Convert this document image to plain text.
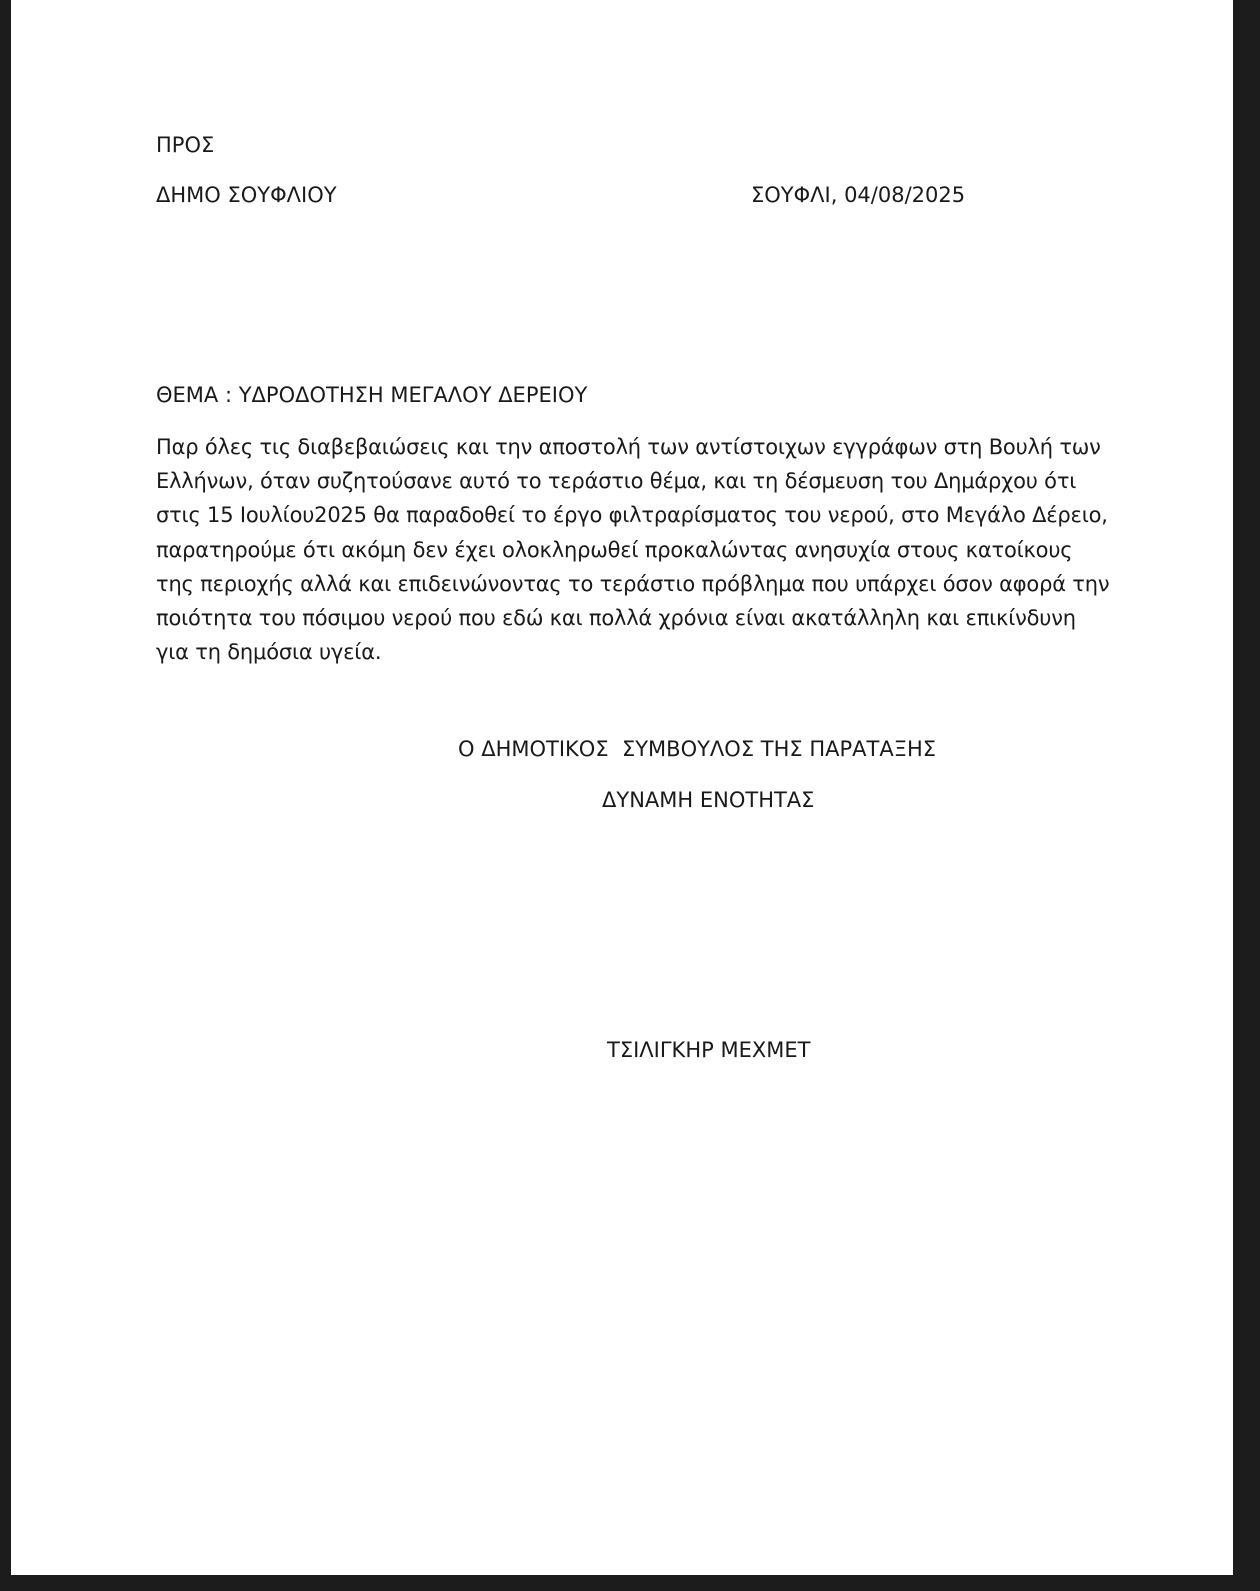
ΠΡΟΣ
ΔΗΜΟ ΣΟΥΦΛΙΟΥ	ΣΟΥΦΛΙ, 04/08/2025
ΘΕΜΑ : ΥΔΡΟΔΟΤΗΣΗ ΜΕΓΑΛΟΥ ΔΕΡΕΙΟΥ
Παρ όλες τις διαβεβαιώσεις και την αποστολή των αντίστοιχων εγγράφων στη Βουλή των
Ελλήνων, όταν συζητούσανε αυτό το τεράστιο θέμα, και τη δέσμευση του Δημάρχου ότι
στις 15 Ιουλίου2025 θα παραδοθεί το έργο φιλτραρίσματος του νερού, στο Μεγάλο Δέρειο,
παρατηρούμε ότι ακόμη δεν έχει ολοκληρωθεί προκαλώντας ανησυχία στους κατοίκους
της περιοχής αλλά και επιδεινώνοντας το τεράστιο πρόβλημα που υπάρχει όσον αφορά την
ποιότητα του πόσιμου νερού που εδώ και πολλά χρόνια είναι ακατάλληλη και επικίνδυνη
για τη δημόσια υγεία.
Ο ΔΗΜΟΤΙΚΟΣ  ΣΥΜΒΟΥΛΟΣ ΤΗΣ ΠΑΡΑΤΑΞΗΣ
ΔΥΝΑΜΗ ΕΝΟΤΗΤΑΣ
ΤΣΙΛΙΓΚΗΡ ΜΕΧΜΕΤ
